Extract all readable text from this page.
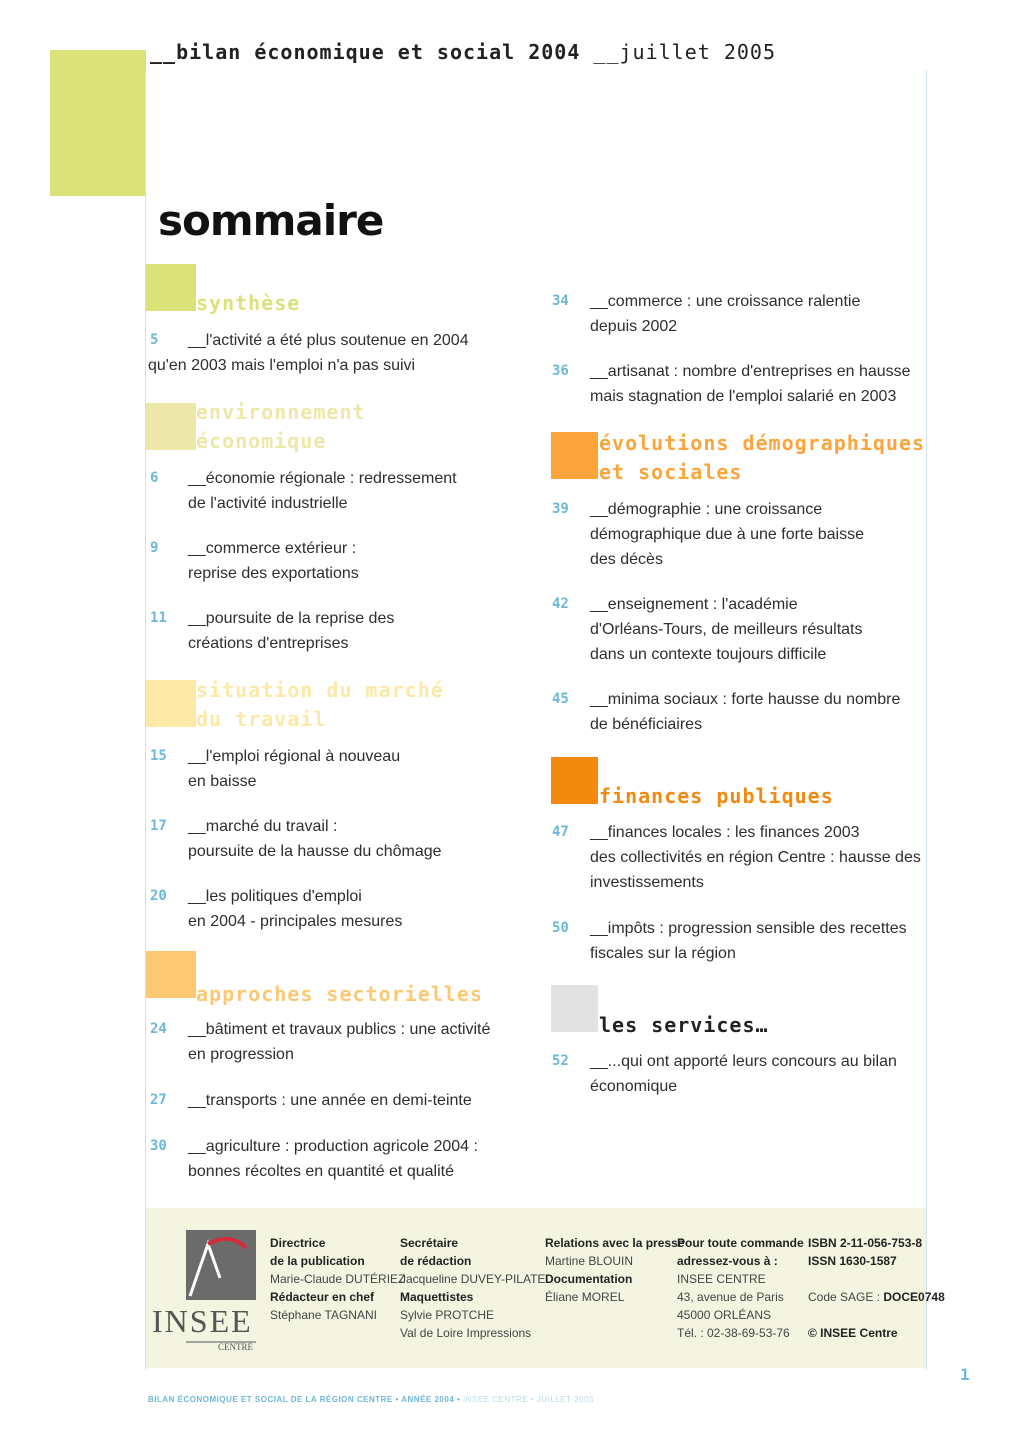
__bilan économique et social 2004 __juillet 2005
sommaire
synthèse
5	__l'activité a été plus soutenue en 2004
qu'en 2003 mais l'emploi n'a pas suivi
environnement
économique
6	__économie régionale : redressement
de l'activité industrielle
9	__commerce extérieur :
reprise des exportations
11	__poursuite de la reprise des
créations d'entreprises
situation du marché
du travail
15	__l'emploi régional à nouveau
en baisse
17	__marché du travail :
poursuite de la hausse du chômage
20	__les politiques d'emploi
en 2004 - principales mesures
approches sectorielles
24	__bâtiment et travaux publics : une activité
en progression
27	__transports : une année en demi-teinte
30	__agriculture : production agricole 2004 :
bonnes récoltes en quantité et qualité
34	__commerce : une croissance ralentie
depuis 2002
36	__artisanat : nombre d'entreprises en hausse
mais stagnation de l'emploi salarié en 2003
évolutions démographiques
et sociales
39	__démographie : une croissance
démographique due à une forte baisse
des décès
42	__enseignement : l'académie
d'Orléans-Tours, de meilleurs résultats
dans un contexte toujours difficile
45	__minima sociaux : forte hausse du nombre
de bénéficiaires
finances publiques
47	__finances locales : les finances 2003
des collectivités en région Centre : hausse des
investissements
50	__impôts : progression sensible des recettes
fiscales sur la région
les services…
52	__...qui ont apporté leurs concours au bilan
économique
INSEE
CENTRE
Directrice
de la publication
Marie-Claude DUTÉRIEZ
Rédacteur en chef
Stéphane TAGNANI
Secrétaire
de rédaction
Jacqueline DUVEY-PILATE
Maquettistes
Sylvie PROTCHE
Val de Loire Impressions
Relations avec la presse
Martine BLOUIN
Documentation
Éliane MOREL
Pour toute commande
adressez-vous à :
INSEE CENTRE
43, avenue de Paris
45000 ORLÉANS
Tél. : 02-38-69-53-76
ISBN 2-11-056-753-8
ISSN 1630-1587

Code SAGE : DOCE0748

© INSEE Centre
1
BILAN ÉCONOMIQUE ET SOCIAL DE LA RÉGION CENTRE • ANNÉE 2004 • INSEE CENTRE • JUILLET 2005
